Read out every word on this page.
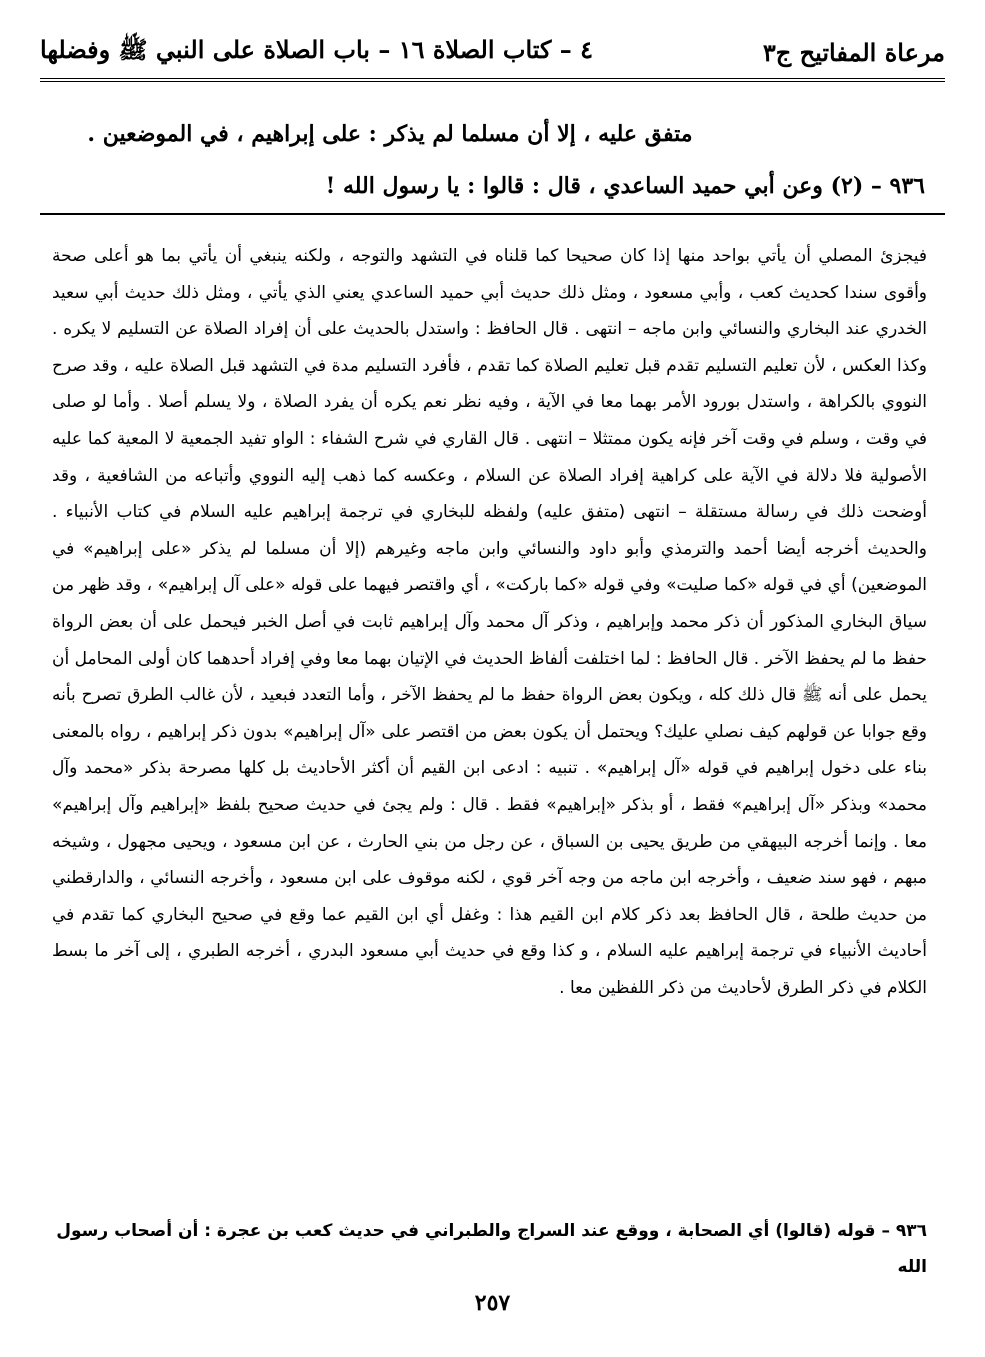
مرعاة المفاتيح ج٣
٤ – كتاب الصلاة ١٦ – باب الصلاة على النبي ﷺ وفضلها

متفق عليه ، إلا أن مسلما لم يذكر : على إبراهيم ، في الموضعين .

٩٣٦ – (٢) وعن أبي حميد الساعدي ، قال : قالوا : يا رسول الله !

فيجزئ المصلي أن يأتي بواحد منها إذا كان صحيحا كما قلناه في التشهد والتوجه ، ولكنه ينبغي أن يأتي بما هو أعلى صحة وأقوى سندا كحديث كعب ، وأبي مسعود ، ومثل ذلك حديث أبي حميد الساعدي يعني الذي يأتي ، ومثل ذلك حديث أبي سعيد الخدري عند البخاري والنسائي وابن ماجه – انتهى . قال الحافظ : واستدل بالحديث على أن إفراد الصلاة عن التسليم لا يكره . وكذا العكس ، لأن تعليم التسليم تقدم قبل تعليم الصلاة كما تقدم ، فأفرد التسليم مدة في التشهد قبل الصلاة عليه ، وقد صرح النووي بالكراهة ، واستدل بورود الأمر بهما معا في الآية ، وفيه نظر نعم يكره أن يفرد الصلاة ، ولا يسلم أصلا . وأما لو صلى في وقت ، وسلم في وقت آخر فإنه يكون ممتثلا – انتهى . قال القاري في شرح الشفاء : الواو تفيد الجمعية لا المعية كما عليه الأصولية فلا دلالة في الآية على كراهية إفراد الصلاة عن السلام ، وعكسه كما ذهب إليه النووي وأتباعه من الشافعية ، وقد أوضحت ذلك في رسالة مستقلة – انتهى (متفق عليه) ولفظه للبخاري في ترجمة إبراهيم عليه السلام في كتاب الأنبياء . والحديث أخرجه أيضا أحمد والترمذي وأبو داود والنسائي وابن ماجه وغيرهم (إلا أن مسلما لم يذكر «على إبراهيم» في الموضعين) أي في قوله «كما صليت» وفي قوله «كما باركت» ، أي واقتصر فيهما على قوله «على آل إبراهيم» ، وقد ظهر من سياق البخاري المذكور أن ذكر محمد وإبراهيم ، وذكر آل محمد وآل إبراهيم ثابت في أصل الخبر فيحمل على أن بعض الرواة حفظ ما لم يحفظ الآخر . قال الحافظ : لما اختلفت ألفاظ الحديث في الإتيان بهما معا وفي إفراد أحدهما كان أولى المحامل أن يحمل على أنه ﷺ قال ذلك كله ، ويكون بعض الرواة حفظ ما لم يحفظ الآخر ، وأما التعدد فبعيد ، لأن غالب الطرق تصرح بأنه وقع جوابا عن قولهم كيف نصلي عليك؟ ويحتمل أن يكون بعض من اقتصر على «آل إبراهيم» بدون ذكر إبراهيم ، رواه بالمعنى بناء على دخول إبراهيم في قوله «آل إبراهيم» . تنبيه : ادعى ابن القيم أن أكثر الأحاديث بل كلها مصرحة بذكر «محمد وآل محمد» وبذكر «آل إبراهيم» فقط ، أو بذكر «إبراهيم» فقط . قال : ولم يجئ في حديث صحيح بلفظ «إبراهيم وآل إبراهيم» معا . وإنما أخرجه البيهقي من طريق يحيى بن السباق ، عن رجل من بني الحارث ، عن ابن مسعود ، ويحيى مجهول ، وشيخه مبهم ، فهو سند ضعيف ، وأخرجه ابن ماجه من وجه آخر قوي ، لكنه موقوف على ابن مسعود ، وأخرجه النسائي ، والدارقطني من حديث طلحة ، قال الحافظ بعد ذكر كلام ابن القيم هذا : وغفل أي ابن القيم عما وقع في صحيح البخاري كما تقدم في أحاديث الأنبياء في ترجمة إبراهيم عليه السلام ، و كذا وقع في حديث أبي مسعود البدري ، أخرجه الطبري ، إلى آخر ما بسط الكلام في ذكر الطرق لأحاديث من ذكر اللفظين معا .

٩٣٦ – قوله (قالوا) أي الصحابة ، ووقع عند السراج والطبراني في حديث كعب بن عجرة : أن أصحاب رسول الله

٢٥٧
